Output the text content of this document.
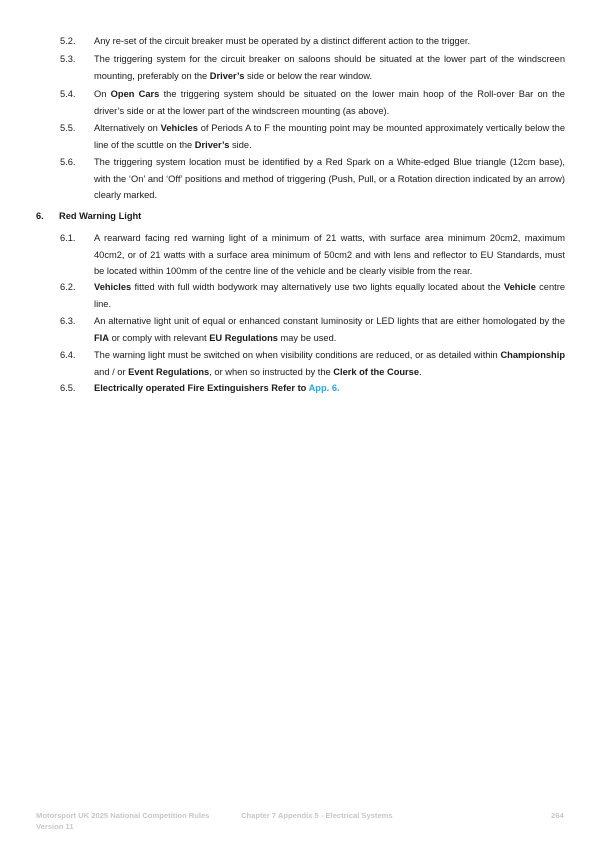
5.2.	Any re-set of the circuit breaker must be operated by a distinct different action to the trigger.
5.3.	The triggering system for the circuit breaker on saloons should be situated at the lower part of the windscreen mounting, preferably on the Driver’s side or below the rear window.
5.4.	On Open Cars the triggering system should be situated on the lower main hoop of the Roll-over Bar on the driver’s side or at the lower part of the windscreen mounting (as above).
5.5.	Alternatively on Vehicles of Periods A to F the mounting point may be mounted approximately vertically below the line of the scuttle on the Driver’s side.
5.6.	The triggering system location must be identified by a Red Spark on a White-edged Blue triangle (12cm base), with the ‘On’ and ‘Off’ positions and method of triggering (Push, Pull, or a Rotation direction indicated by an arrow) clearly marked.
6.	Red Warning Light
6.1.	A rearward facing red warning light of a minimum of 21 watts, with surface area minimum 20cm2, maximum 40cm2, or of 21 watts with a surface area minimum of 50cm2 and with lens and reflector to EU Standards, must be located within 100mm of the centre line of the vehicle and be clearly visible from the rear.
6.2.	Vehicles fitted with full width bodywork may alternatively use two lights equally located about the Vehicle centre line.
6.3.	An alternative light unit of equal or enhanced constant luminosity or LED lights that are either homologated by the FIA or comply with relevant EU Regulations may be used.
6.4.	The warning light must be switched on when visibility conditions are reduced, or as detailed within Championship and / or Event Regulations, or when so instructed by the Clerk of the Course.
6.5.	Electrically operated Fire Extinguishers Refer to App. 6.
Motorsport UK 2025 National Competition Rules
Version 11
Chapter 7 Appendix 5 - Electrical Systems	264
